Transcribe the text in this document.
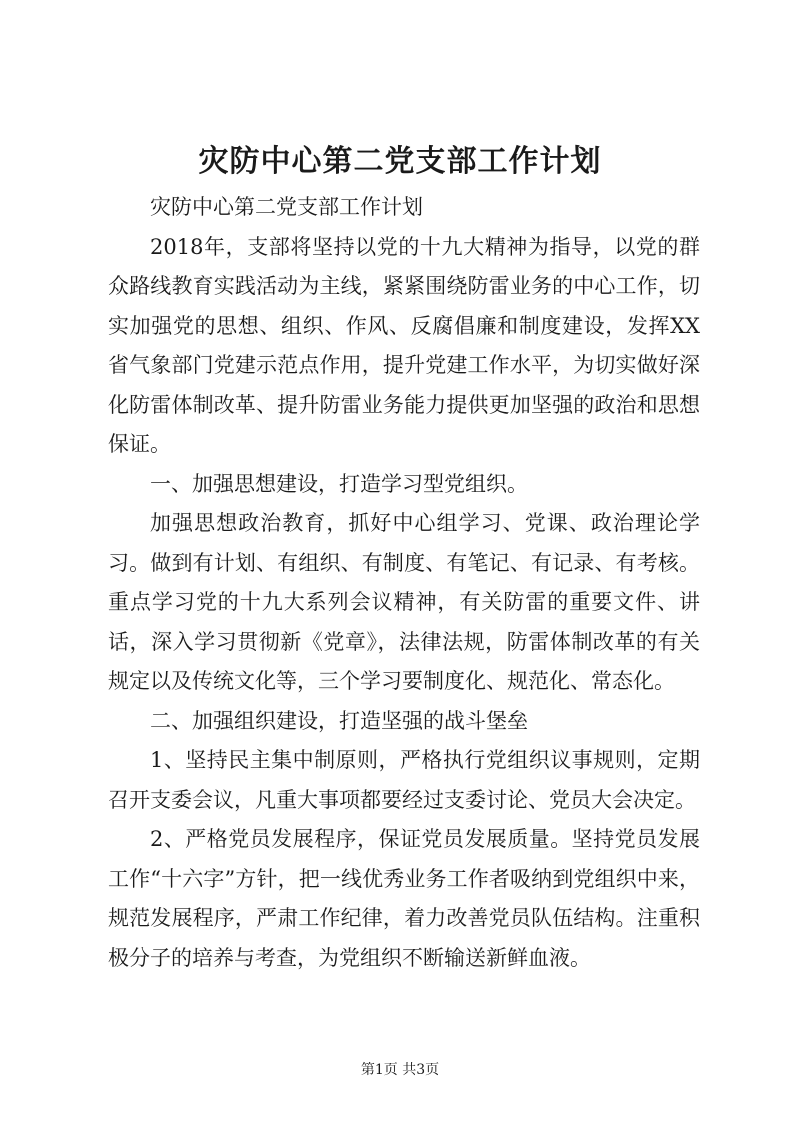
灾防中心第二党支部工作计划

灾防中心第二党支部工作计划

2018年，支部将坚持以党的十九大精神为指导，以党的群众路线教育实践活动为主线，紧紧围绕防雷业务的中心工作，切实加强党的思想、组织、作风、反腐倡廉和制度建设，发挥XX省气象部门党建示范点作用，提升党建工作水平，为切实做好深化防雷体制改革、提升防雷业务能力提供更加坚强的政治和思想保证。

一、加强思想建设，打造学习型党组织。

加强思想政治教育，抓好中心组学习、党课、政治理论学习。做到有计划、有组织、有制度、有笔记、有记录、有考核。重点学习党的十九大系列会议精神，有关防雷的重要文件、讲话，深入学习贯彻新《党章》，法律法规，防雷体制改革的有关规定以及传统文化等，三个学习要制度化、规范化、常态化。

二、加强组织建设，打造坚强的战斗堡垒

1、坚持民主集中制原则，严格执行党组织议事规则，定期召开支委会议，凡重大事项都要经过支委讨论、党员大会决定。

2、严格党员发展程序，保证党员发展质量。坚持党员发展工作“十六字”方针，把一线优秀业务工作者吸纳到党组织中来，规范发展程序，严肃工作纪律，着力改善党员队伍结构。注重积极分子的培养与考查，为党组织不断输送新鲜血液。

第1页 共3页
